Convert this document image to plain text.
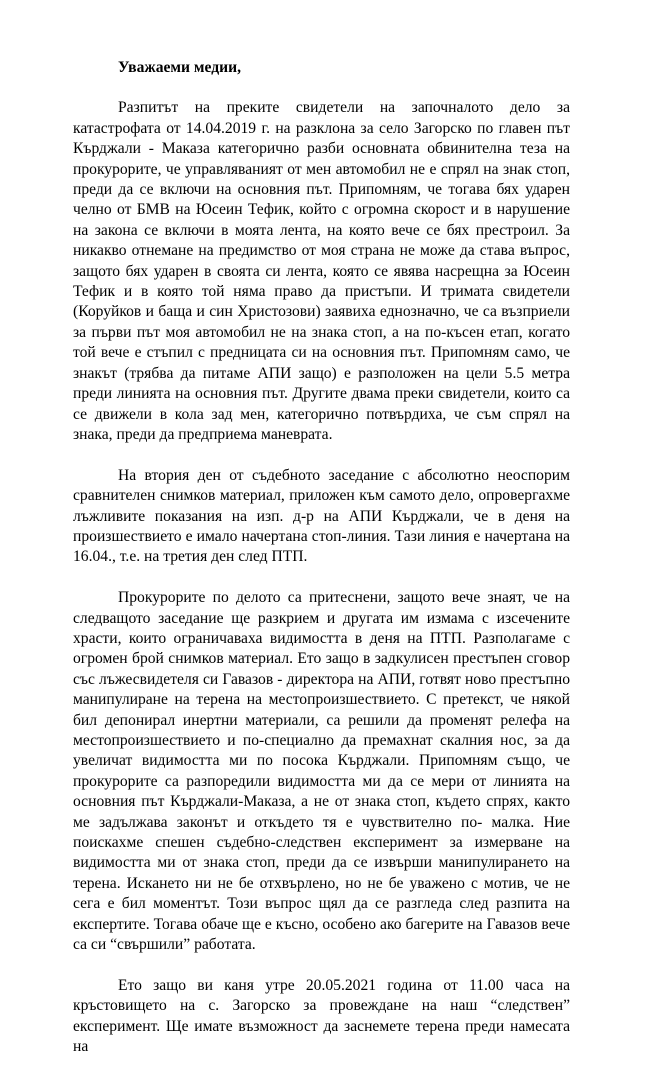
Уважаеми медии,

Разпитът на преките свидетели на започналото дело за катастрофата от 14.04.2019 г. на разклона за село Загорско по главен път Кърджали - Маказа категорично разби основната обвинителна теза на прокурорите, че управляваният от мен автомобил не е спрял на знак стоп, преди да се включи на основния път. Припомням, че тогава бях ударен челно от БМВ на Юсеин Тефик, който с огромна скорост и в нарушение на закона се включи в моята лента, на която вече се бях престроил. За никакво отнемане на предимство от моя страна не може да става въпрос, защото бях ударен в своята си лента, която се явява насрещна за Юсеин Тефик и в която той няма право да пристъпи. И тримата свидетели (Коруйков и баща и син Христозови) заявиха еднозначно, че са възприели за първи път моя автомобил не на знака стоп, а на по-късен етап, когато той вече е стъпил с предницата си на основния път. Припомням само, че знакът (трябва да питаме АПИ защо) е разположен на цели 5.5 метра преди линията на основния път. Другите двама преки свидетели, които са се движели в кола зад мен, категорично потвърдиха, че съм спрял на знака, преди да предприема маневрата.

На втория ден от съдебното заседание с абсолютно неоспорим сравнителен снимков материал, приложен към самото дело, опровергахме лъжливите показания на изп. д-р на АПИ Кърджали, че в деня на произшествието е имало начертана стоп-линия. Тази линия е начертана на 16.04., т.е. на третия ден след ПТП.

Прокурорите по делото са притеснени, защото вече знаят, че на следващото заседание ще разкрием и другата им измама с изсечените храсти, които ограничаваха видимостта в деня на ПТП. Разполагаме с огромен брой снимков материал. Ето защо в задкулисен престъпен сговор със лъжесвидетеля си Гавазов - директора на АПИ, готвят ново престъпно манипулиране на терена на местопроизшествието. С претекст, че някой бил депонирал инертни материали, са решили да променят релефа на местопроизшествието и по-специално да премахнат скалния нос, за да увеличат видимостта ми по посока Кърджали. Припомням също, че прокурорите са разпоредили видимостта ми да се мери от линията на основния път Кърджали-Маказа, а не от знака стоп, където спрях, както ме задължава законът и откъдето тя е чувствително по- малка. Ние поискахме спешен съдебно-следствен експеримент за измерване на видимостта ми от знака стоп, преди да се извърши манипулирането на терена. Искането ни не бе отхвърлено, но не бе уважено с мотив, че не сега е бил моментът. Този въпрос щял да се разгледа след разпита на експертите. Тогава обаче ще е късно, особено ако багерите на Гавазов вече са си “свършили” работата.

Ето защо ви каня утре 20.05.2021 година от 11.00 часа на кръстовището на с. Загорско за провеждане на наш “следствен” експеримент. Ще имате възможност да заснемете терена преди намесата на
